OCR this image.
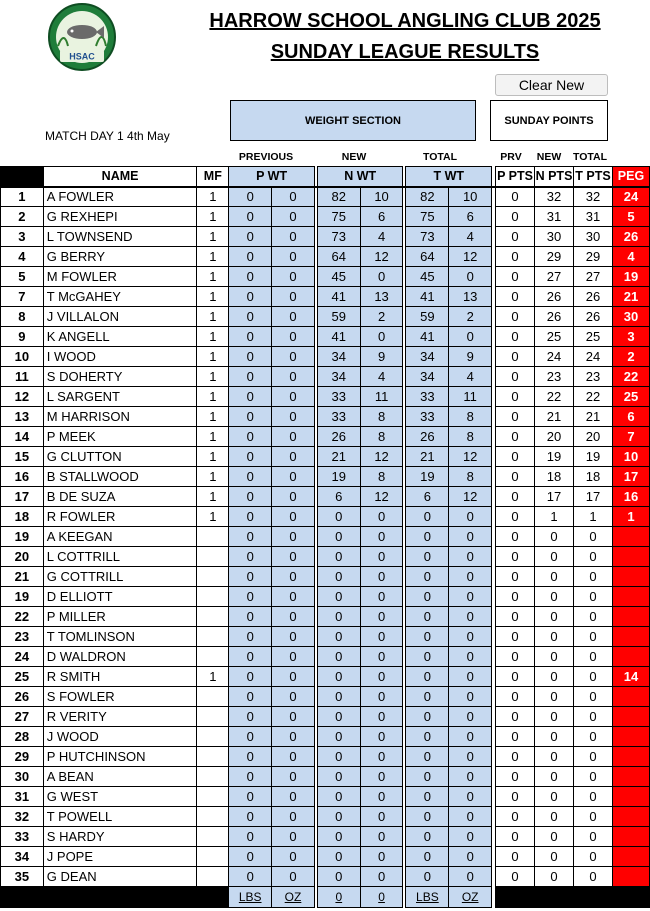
HSAC
HARROW SCHOOL ANGLING CLUB 2025
SUNDAY LEAGUE RESULTS
Clear New
WEIGHT SECTION	SUNDAY POINTS
MATCH DAY 1 4th May
PREVIOUS	NEW	TOTAL	PRV	NEW	TOTAL
	NAME	MF	P WT			N WT			T WT			P PTS	N PTS	T PTS	PEG
1	A FOWLER	1	0	0		82	10		82	10		0	32	32	24
2	G REXHEPI	1	0	0		75	6		75	6		0	31	31	5
3	L TOWNSEND	1	0	0		73	4		73	4		0	30	30	26
4	G BERRY	1	0	0		64	12		64	12		0	29	29	4
5	M FOWLER	1	0	0		45	0		45	0		0	27	27	19
7	T McGAHEY	1	0	0		41	13		41	13		0	26	26	21
8	J VILLALON	1	0	0		59	2		59	2		0	26	26	30
9	K ANGELL	1	0	0		41	0		41	0		0	25	25	3
10	I WOOD	1	0	0		34	9		34	9		0	24	24	2
11	S DOHERTY	1	0	0		34	4		34	4		0	23	23	22
12	L SARGENT	1	0	0		33	11		33	11		0	22	22	25
13	M HARRISON	1	0	0		33	8		33	8		0	21	21	6
14	P MEEK	1	0	0		26	8		26	8		0	20	20	7
15	G CLUTTON	1	0	0		21	12		21	12		0	19	19	10
16	B STALLWOOD	1	0	0		19	8		19	8		0	18	18	17
17	B DE SUZA	1	0	0		6	12		6	12		0	17	17	16
18	R FOWLER	1	0	0		0	0		0	0		0	1	1	1
19	A KEEGAN		0	0		0	0		0	0		0	0	0	
20	L COTTRILL		0	0		0	0		0	0		0	0	0	
21	G COTTRILL		0	0		0	0		0	0		0	0	0	
19	D ELLIOTT		0	0		0	0		0	0		0	0	0	
22	P MILLER		0	0		0	0		0	0		0	0	0	
23	T TOMLINSON		0	0		0	0		0	0		0	0	0	
24	D WALDRON		0	0		0	0		0	0		0	0	0	
25	R SMITH	1	0	0		0	0		0	0		0	0	0	14
26	S FOWLER		0	0		0	0		0	0		0	0	0	
27	R VERITY		0	0		0	0		0	0		0	0	0	
28	J WOOD		0	0		0	0		0	0		0	0	0	
29	P HUTCHINSON		0	0		0	0		0	0		0	0	0	
30	A BEAN		0	0		0	0		0	0		0	0	0	
31	G WEST		0	0		0	0		0	0		0	0	0	
32	T POWELL		0	0		0	0		0	0		0	0	0	
33	S HARDY		0	0		0	0		0	0		0	0	0	
34	J POPE		0	0		0	0		0	0		0	0	0	
35	G DEAN		0	0		0	0		0	0		0	0	0	
			LBS	OZ		0	0		LBS	OZ					
